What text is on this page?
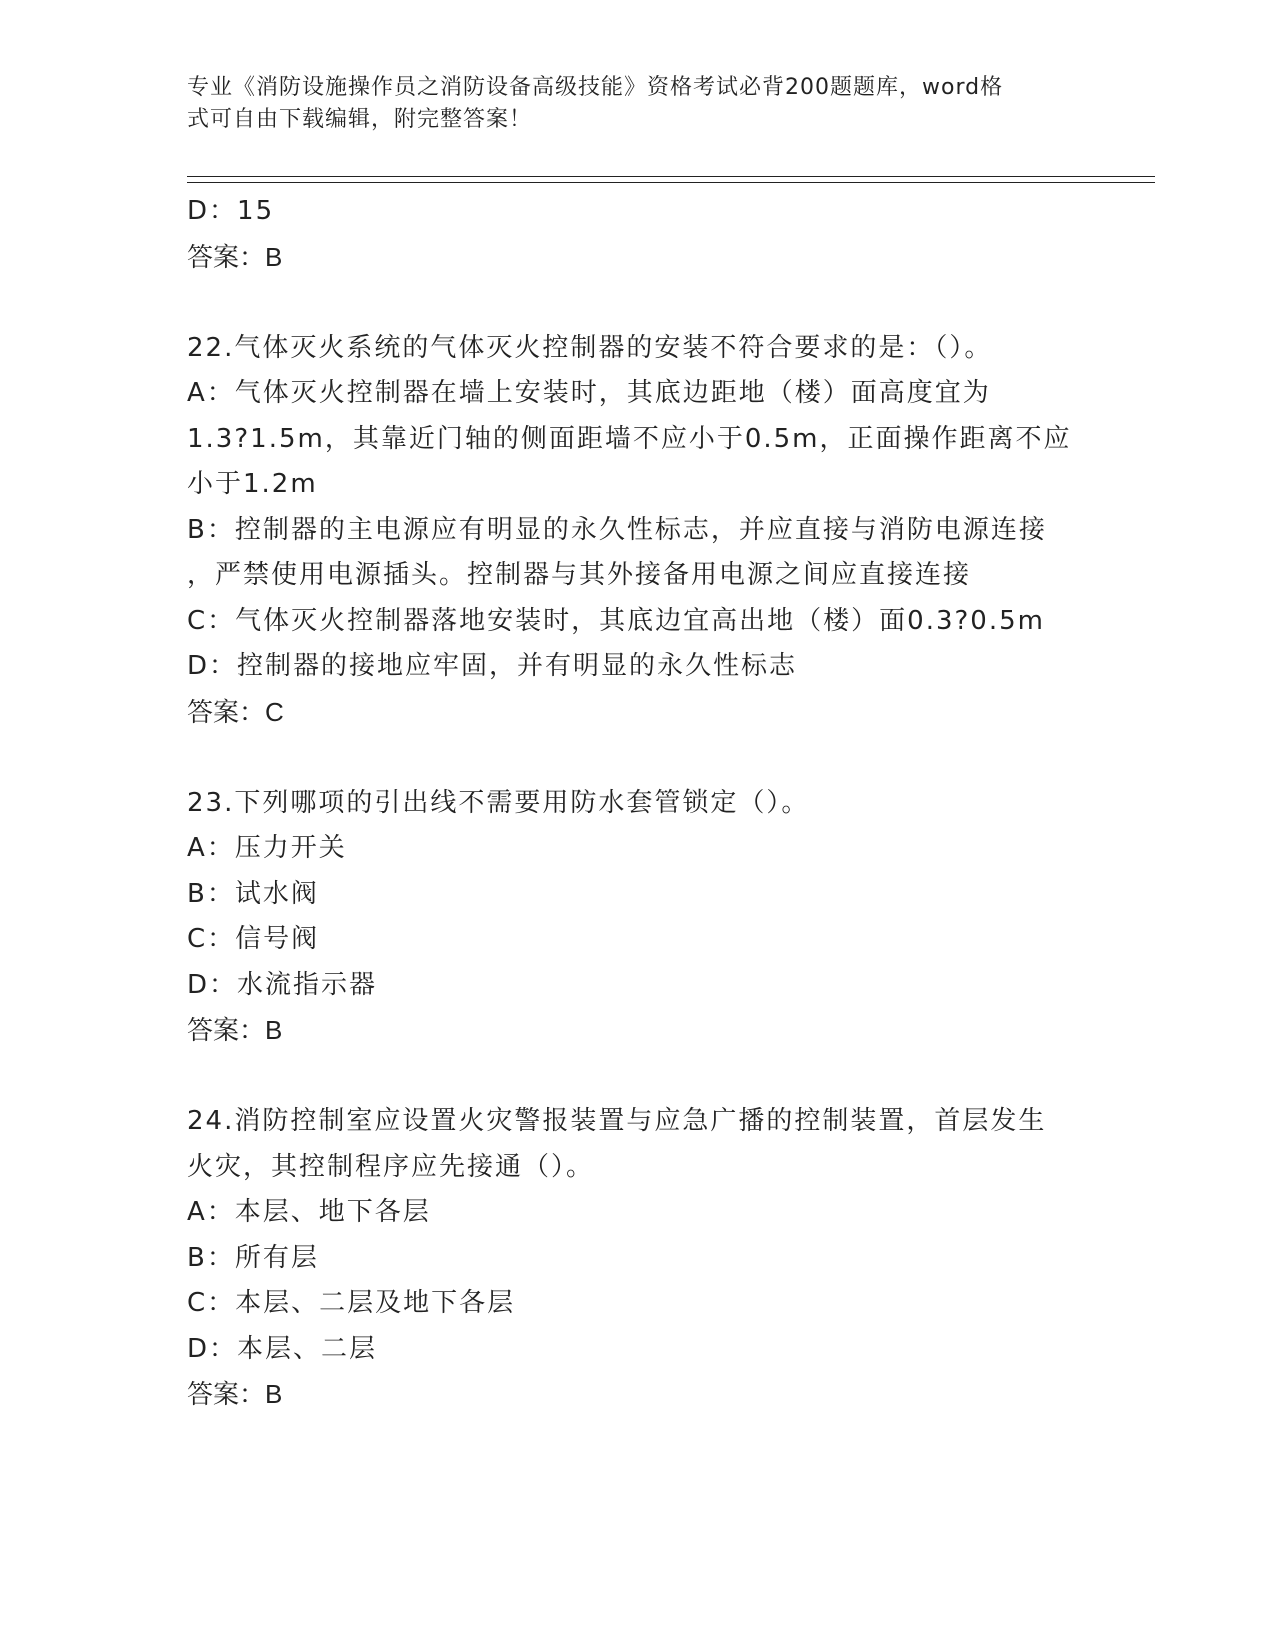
专业《消防设施操作员之消防设备高级技能》资格考试必背200题题库，word格
式可自由下载编辑，附完整答案！
D：15
答案：B
22.气体灭火系统的气体灭火控制器的安装不符合要求的是：（）。
A：气体灭火控制器在墙上安装时，其底边距地（楼）面高度宜为
1.3?1.5m，其靠近门轴的侧面距墙不应小于0.5m，正面操作距离不应
小于1.2m
B：控制器的主电源应有明显的永久性标志，并应直接与消防电源连接
，严禁使用电源插头。控制器与其外接备用电源之间应直接连接
C：气体灭火控制器落地安装时，其底边宜高出地（楼）面0.3?0.5m
D：控制器的接地应牢固，并有明显的永久性标志
答案：C
23.下列哪项的引出线不需要用防水套管锁定（）。
A：压力开关
B：试水阀
C：信号阀
D：水流指示器
答案：B
24.消防控制室应设置火灾警报装置与应急广播的控制装置，首层发生
火灾，其控制程序应先接通（）。
A：本层、地下各层
B：所有层
C：本层、二层及地下各层
D：本层、二层
答案：B
